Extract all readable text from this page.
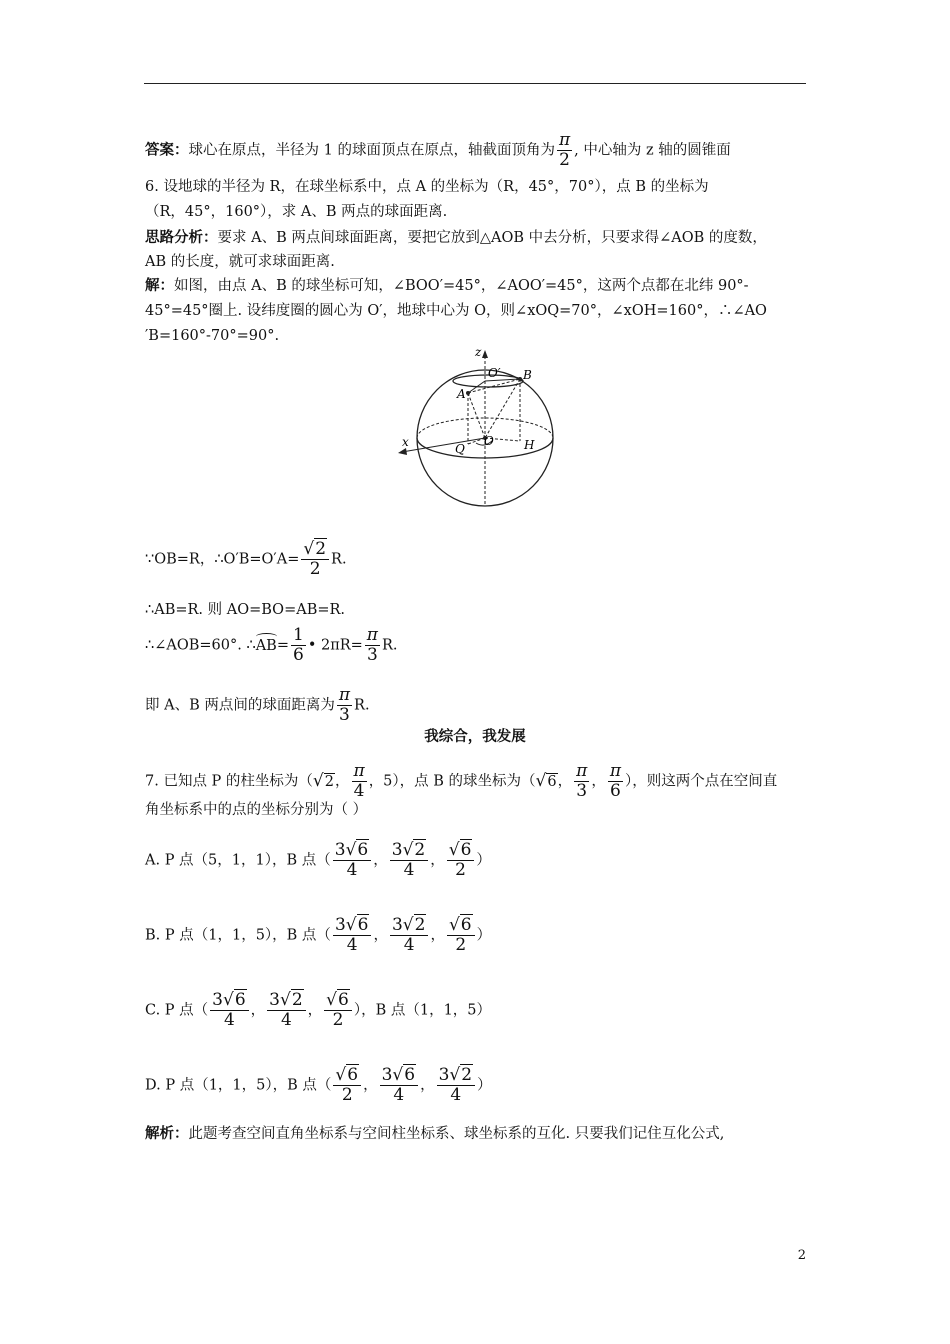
答案：球心在原点，半径为 1 的球面顶点在原点，轴截面顶角为 $\frac{\pi}{2}$ , 中心轴为 z 轴的圆锥面
6. 设地球的半径为 R，在球坐标系中，点 A 的坐标为（R，45°，70°），点 B 的坐标为
（R，45°，160°），求 A、B 两点的球面距离.
思路分析：要求 A、B 两点间球面距离，要把它放到△AOB 中去分析，只要求得∠AOB 的度数，
AB 的长度，就可求球面距离.
解：如图，由点 A、B 的球坐标可知，∠BOO′=45°，∠AOO′=45°，这两个点都在北纬 90°-
45°=45°圈上. 设纬度圈的圆心为 O′，地球中心为 O，则∠xOQ=70°，∠xOH=160°，∴∠AO
′B=160°-70°=90°.
z
O′ B
A
x	Q
O	H
∵OB=R，∴O′B=O′A= $\frac{√2}{2} R$.
∴AB=R. 则 AO=BO=AB=R.
∴∠AOB=60°. ∴AB= $\frac{1}{6}$ • $2\pi R= \frac{\pi}{3} R$.
即 A、B 两点间的球面距离为 $\frac{\pi}{3} R$.
我综合，我发展
7. 已知点 P 的柱坐标为（√2， $\frac{\pi}{4}$ ，5），点 B 的球坐标为（√6， $\frac{\pi}{3}$ ， $\frac{\pi}{6}$ ），则这两个点在空间直
角坐标系中的点的坐标分别为（ ）
A. P 点（5，1，1），B 点（ $\frac{3√6}{4}$ ， $\frac{3√2}{4}$ ， $\frac{√6}{2}$ ）
B. P 点（1，1，5），B 点（ $\frac{3√6}{4}$ ， $\frac{3√2}{4}$ ， $\frac{√6}{2}$ ）
C. P 点（ $\frac{3√6}{4}$ ， $\frac{3√2}{4}$ ， $\frac{√6}{2}$ ），B 点（1，1，5）
D. P 点（1，1，5），B 点（ $\frac{√6}{2}$ ， $\frac{3√6}{4}$ ， $\frac{3√2}{4}$ ）
解析：此题考查空间直角坐标系与空间柱坐标系、球坐标系的互化. 只要我们记住互化公式,
2
